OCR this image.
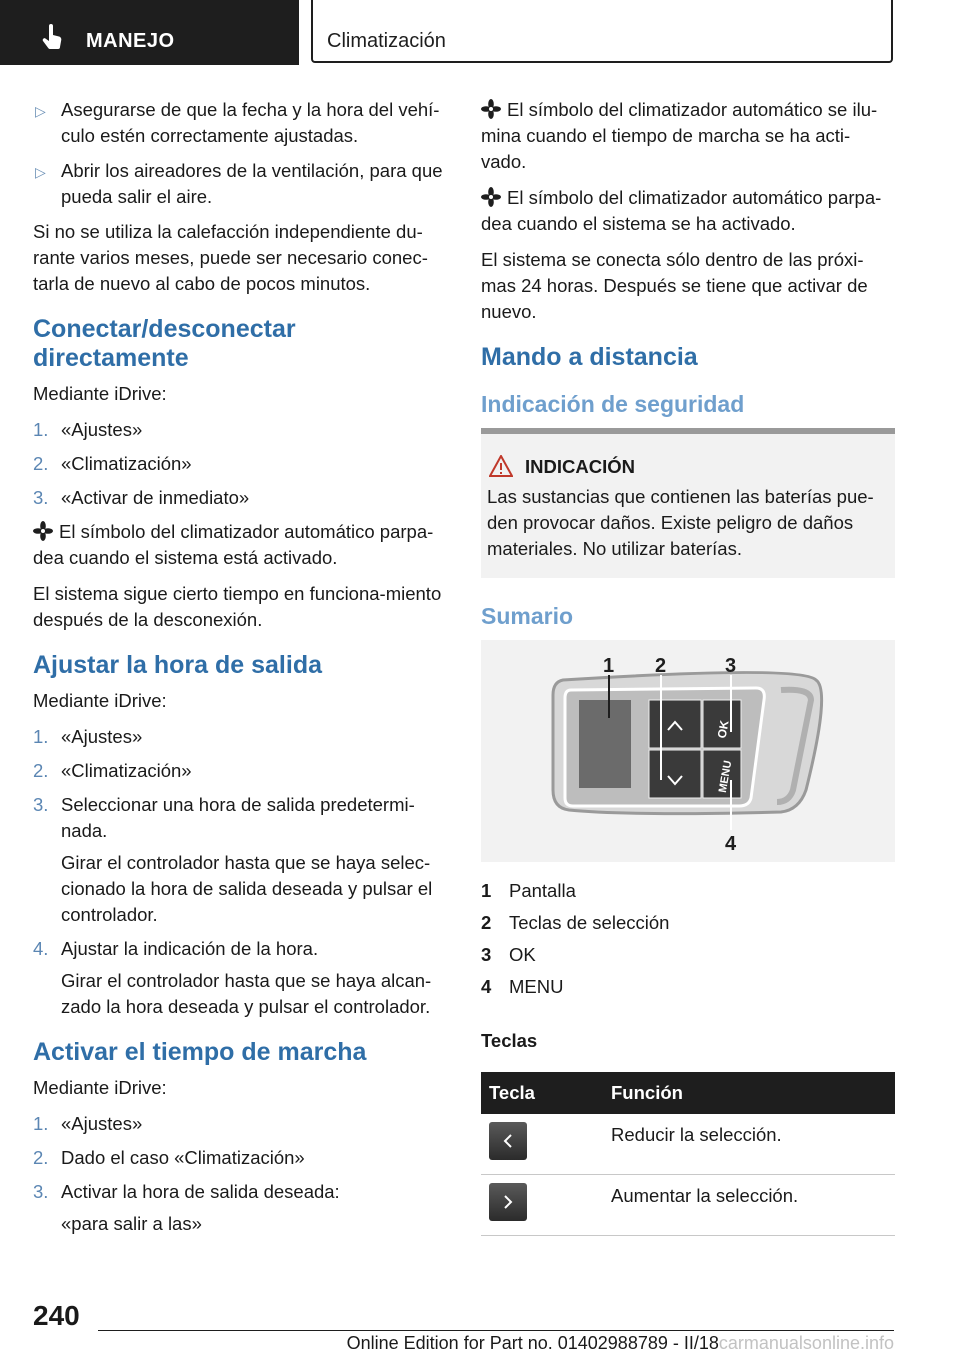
MANEJO	Climatización
▷ Asegurarse de que la fecha y la hora del vehí-culo estén correctamente ajustadas.
▷ Abrir los aireadores de la ventilación, para que pueda salir el aire.

Si no se utiliza la calefacción independiente du-rante varios meses, puede ser necesario conec-tarla de nuevo al cabo de pocos minutos.

Conectar/desconectar directamente

Mediante iDrive:

1. «Ajustes»
2. «Climatización»
3. «Activar de inmediato»

El símbolo del climatizador automático parpa-dea cuando el sistema está activado.

El sistema sigue cierto tiempo en funciona-miento después de la desconexión.

Ajustar la hora de salida

Mediante iDrive:

1. «Ajustes»
2. «Climatización»
3. Seleccionar una hora de salida predetermi-nada.
Girar el controlador hasta que se haya selec-cionado la hora de salida deseada y pulsar el controlador.
4. Ajustar la indicación de la hora.
Girar el controlador hasta que se haya alcan-zado la hora deseada y pulsar el controlador.
Activar el tiempo de marcha

Mediante iDrive:

1. «Ajustes»
2. Dado el caso «Climatización»
3. Activar la hora de salida deseada:
«para salir a las»

El símbolo del climatizador automático se ilu-mina cuando el tiempo de marcha se ha acti-vado.

El símbolo del climatizador automático parpa-dea cuando el sistema se ha activado.

El sistema se conecta sólo dentro de las próxi-mas 24 horas. Después se tiene que activar de nuevo.

Mando a distancia
Indicación de seguridad
INDICACIÓN

Las sustancias que contienen las baterías pue-den provocar daños. Existe peligro de daños materiales. No utilizar baterías.

Sumario
1 2	3
4
OK
MENU
1 Pantalla
2 Teclas de selección
3 OK
4 MENU

Teclas

Tecla	Función

	Reducir la selección.

	Aumentar la selección.
240
Online Edition for Part no. 01402988789 - II/18carmanualsonline.info
